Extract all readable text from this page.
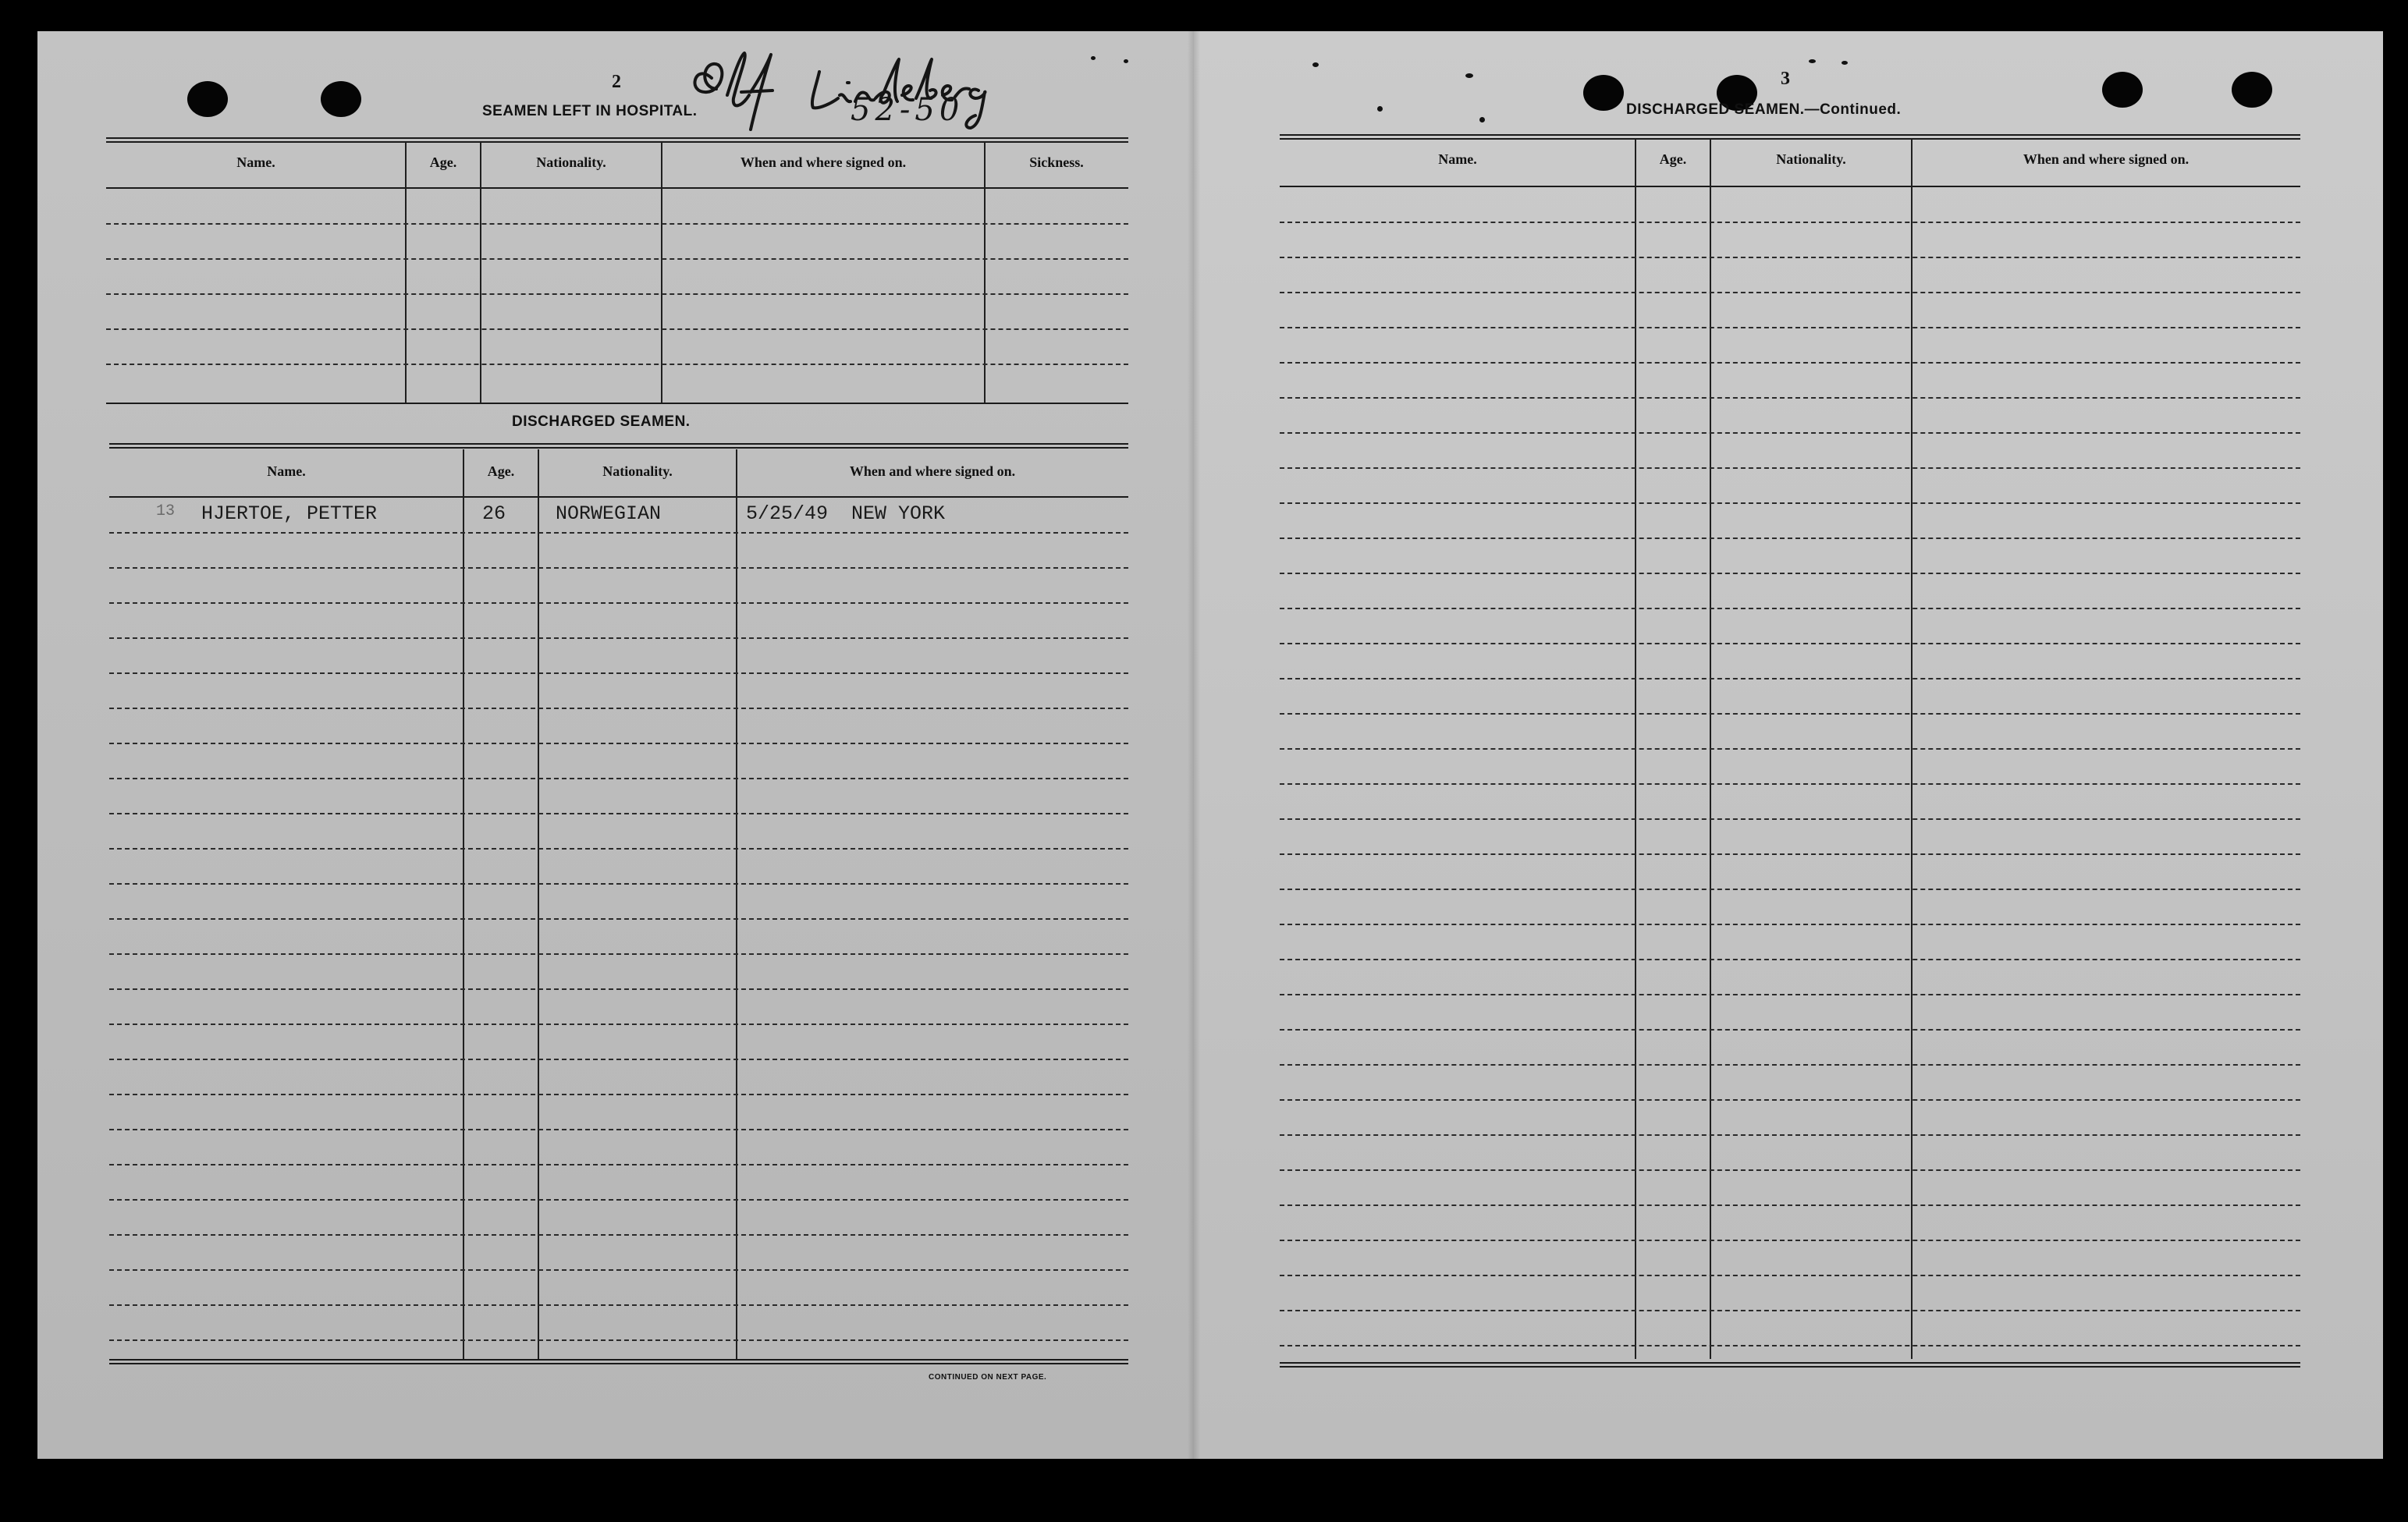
2
SEAMEN LEFT IN HOSPITAL.
Name.	Age.	Nationality.	When and where signed on.	Sickness.
DISCHARGED SEAMEN.
Name.	Age.	Nationality.	When and where signed on.
13 HJERTOE, PETTER	26	NORWEGIAN	5/25/49  NEW YORK
CONTINUED ON NEXT PAGE.
52-50
3
DISCHARGED SEAMEN.—Continued.
Name.	Age.	Nationality.	When and where signed on.
